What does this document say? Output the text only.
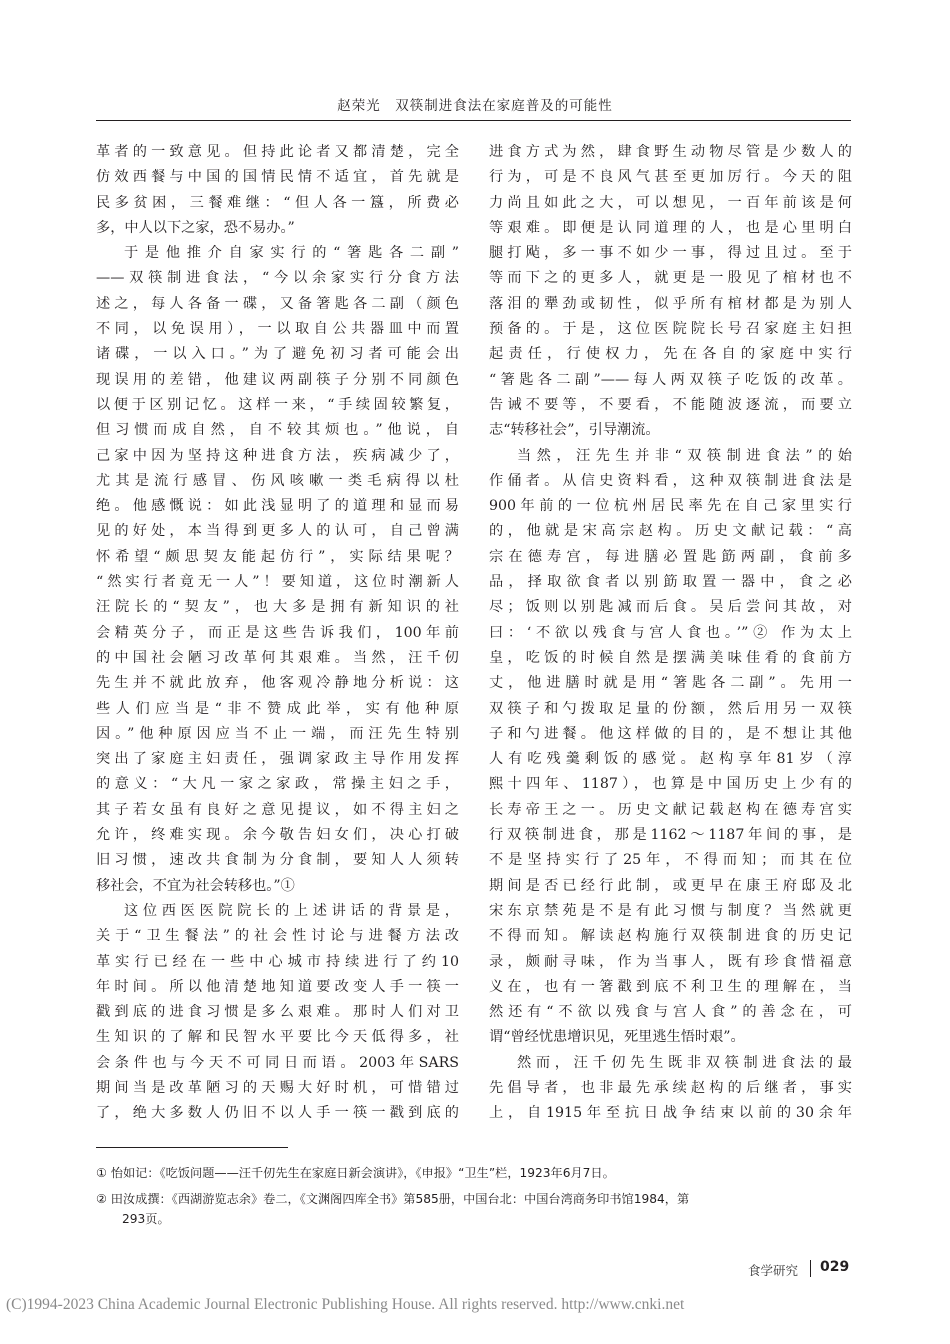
赵荣光　双筷制进食法在家庭普及的可能性
革者的一致意见。但持此论者又都清楚，完全
仿效西餐与中国的国情民情不适宜，首先就是
民多贫困，三餐难继：“但人各一簋，所费必
多，中人以下之家，恐不易办。”
于是他推介自家实行的“箸匙各二副”
——双筷制进食法，“今以余家实行分食方法
述之，每人各备一碟，又备箸匙各二副（颜色
不同，以免误用），一以取自公共器皿中而置
诸碟，一以入口。”为了避免初习者可能会出
现误用的差错，他建议两副筷子分别不同颜色
以便于区别记忆。这样一来，“手续固较繁复，
但习惯而成自然，自不较其烦也。”他说，自
己家中因为坚持这种进食方法，疾病减少了，
尤其是流行感冒、伤风咳嗽一类毛病得以杜
绝。他感慨说：如此浅显明了的道理和显而易
见的好处，本当得到更多人的认可，自己曾满
怀希望“颇思契友能起仿行”，实际结果呢？
“然实行者竟无一人”！要知道，这位时潮新人
汪院长的“契友”，也大多是拥有新知识的社
会精英分子，而正是这些告诉我们，100年前
的中国社会陋习改革何其艰难。当然，汪千仞
先生并不就此放弃，他客观冷静地分析说：这
些人们应当是“非不赞成此举，实有他种原
因。”他种原因应当不止一端，而汪先生特别
突出了家庭主妇责任，强调家政主导作用发挥
的意义：“大凡一家之家政，常操主妇之手，
其子若女虽有良好之意见提议，如不得主妇之
允许，终难实现。余今敬告妇女们，决心打破
旧习惯，速改共食制为分食制，要知人人须转
移社会，不宜为社会转移也。”①
这位西医医院院长的上述讲话的背景是，
关于“卫生餐法”的社会性讨论与进餐方法改
革实行已经在一些中心城市持续进行了约10
年时间。所以他清楚地知道要改变人手一筷一
戳到底的进食习惯是多么艰难。那时人们对卫
生知识的了解和民智水平要比今天低得多，社
会条件也与今天不可同日而语。2003年SARS
期间当是改革陋习的天赐大好时机，可惜错过
了，绝大多数人仍旧不以人手一筷一戳到底的
进食方式为然，肆食野生动物尽管是少数人的
行为，可是不良风气甚至更加厉行。今天的阻
力尚且如此之大，可以想见，一百年前该是何
等艰难。即便是认同道理的人，也是心里明白
腿打飐，多一事不如少一事，得过且过。至于
等而下之的更多人，就更是一股见了棺材也不
落泪的犟劲或韧性，似乎所有棺材都是为别人
预备的。于是，这位医院院长号召家庭主妇担
起责任，行使权力，先在各自的家庭中实行
“箸匙各二副”——每人两双筷子吃饭的改革。
告诫不要等，不要看，不能随波逐流，而要立
志“转移社会”，引导潮流。
当然，汪先生并非“双筷制进食法”的始
作俑者。从信史资料看，这种双筷制进食法是
900年前的一位杭州居民率先在自己家里实行
的，他就是宋高宗赵构。历史文献记载：“高
宗在德寿宫，每进膳必置匙筯两副，食前多
品，择取欲食者以别筯取置一器中，食之必
尽；饭则以别匙减而后食。吴后尝问其故，对
曰：‘不欲以残食与宫人食也。’”② 作为太上
皇，吃饭的时候自然是摆满美味佳肴的食前方
丈，他进膳时就是用“箸匙各二副”。先用一
双筷子和勺拨取足量的份额，然后用另一双筷
子和勺进餐。他这样做的目的，是不想让其他
人有吃残羹剩饭的感觉。赵构享年81岁（淳
熙十四年、1187），也算是中国历史上少有的
长寿帝王之一。历史文献记载赵构在德寿宫实
行双筷制进食，那是1162～1187年间的事，是
不是坚持实行了25年，不得而知；而其在位
期间是否已经行此制，或更早在康王府邸及北
宋东京禁苑是不是有此习惯与制度？当然就更
不得而知。解读赵构施行双筷制进食的历史记
录，颇耐寻味，作为当事人，既有珍食惜福意
义在，也有一箸戳到底不利卫生的理解在，当
然还有“不欲以残食与宫人食”的善念在，可
谓“曾经忧患增识见，死里逃生悟时艰”。
然而，汪千仞先生既非双筷制进食法的最
先倡导者，也非最先承续赵构的后继者，事实
上，自1915年至抗日战争结束以前的30余年
① 怡如记：《吃饭问题——汪千仞先生在家庭日新会演讲》，《申报》“卫生”栏，1923年6月7日。
② 田汝成撰：《西湖游览志余》卷二，《文渊阁四库全书》第585册，中国台北：中国台湾商务印书馆1984，第
293页。
食学研究 029
(C)1994-2023 China Academic Journal Electronic Publishing House. All rights reserved. http://www.cnki.net
